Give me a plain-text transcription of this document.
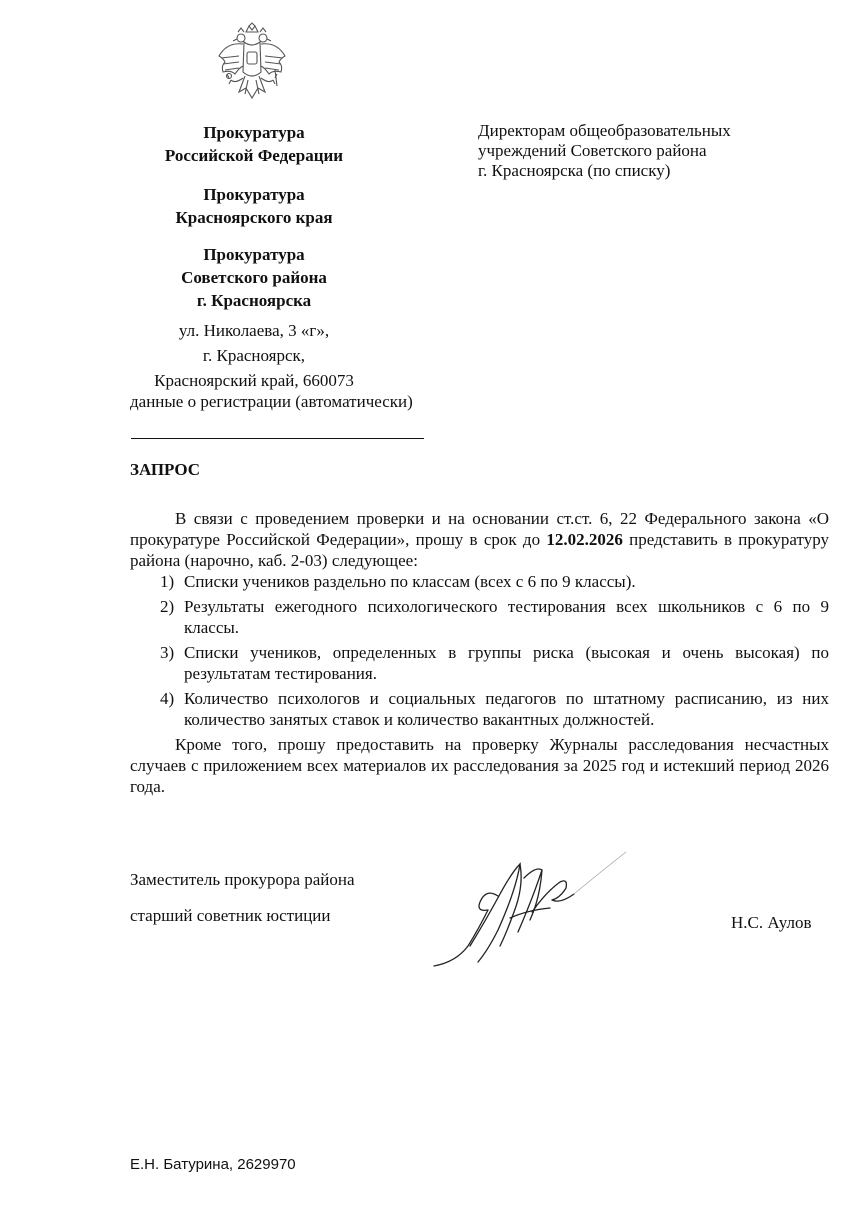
Прокуратура
Российской Федерации
Прокуратура
Красноярского края
Прокуратура
Советского района
г. Красноярска
ул. Николаева, 3 «г»,
г. Красноярск,
Красноярский край, 660073
данные о регистрации (автоматически)
Директорам общеобразовательных
учреждений Советского района
г. Красноярска (по списку)
ЗАПРОС

В связи с проведением проверки и на основании ст.ст. 6, 22 Федерального закона «О прокуратуре Российской Федерации», прошу в срок до 12.02.2026 представить в прокуратуру района (нарочно, каб. 2-03) следующее:

1) Списки учеников раздельно по классам (всех с 6 по 9 классы).
2) Результаты ежегодного психологического тестирования всех школьников с 6 по 9 классы.
3) Списки учеников, определенных в группы риска (высокая и очень высокая) по результатам тестирования.
4) Количество психологов и социальных педагогов по штатному расписанию, из них количество занятых ставок и количество вакантных должностей.

Кроме того, прошу предоставить на проверку Журналы расследования несчастных случаев с приложением всех материалов их расследования за 2025 год и истекший период 2026 года.

Заместитель прокурора района
старший советник юстиции	Н.С. Аулов
Е.Н. Батурина, 2629970
